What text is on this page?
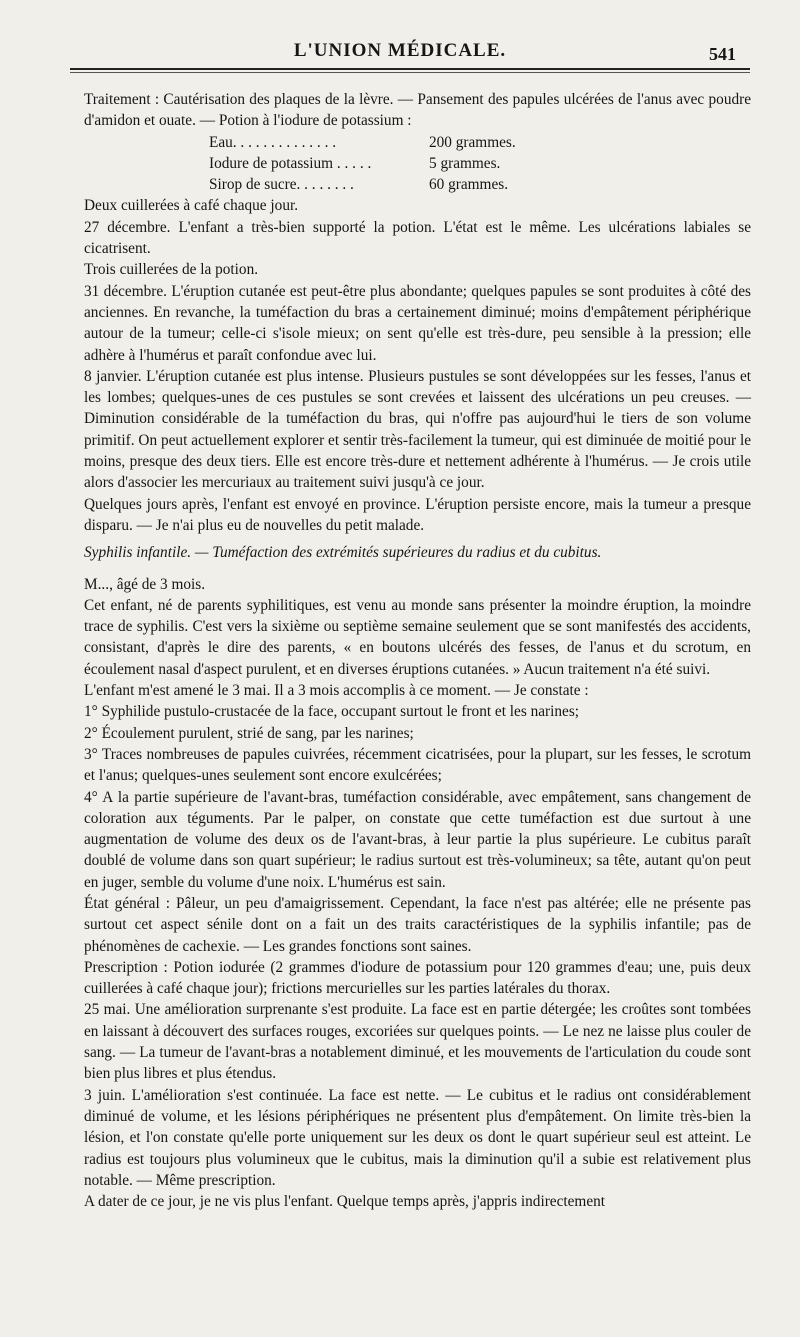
L'UNION MÉDICALE.	541

Traitement : Cautérisation des plaques de la lèvre. — Pansement des papules ulcérées de l'anus avec poudre d'amidon et ouate. — Potion à l'iodure de potassium :

Eau. . . . . . . . . . . . . .	200 grammes.
Iodure de potassium . . . . .	5 grammes.
Sirop de sucre. . . . . . . .	60 grammes.

Deux cuillerées à café chaque jour.

27 décembre. L'enfant a très-bien supporté la potion. L'état est le même. Les ulcérations labiales se cicatrisent.

Trois cuillerées de la potion.

31 décembre. L'éruption cutanée est peut-être plus abondante; quelques papules se sont produites à côté des anciennes. En revanche, la tuméfaction du bras a certainement diminué; moins d'empâtement périphérique autour de la tumeur; celle-ci s'isole mieux; on sent qu'elle est très-dure, peu sensible à la pression; elle adhère à l'humérus et paraît confondue avec lui.

8 janvier. L'éruption cutanée est plus intense. Plusieurs pustules se sont développées sur les fesses, l'anus et les lombes; quelques-unes de ces pustules se sont crevées et laissent des ulcérations un peu creuses. — Diminution considérable de la tuméfaction du bras, qui n'offre pas aujourd'hui le tiers de son volume primitif. On peut actuellement explorer et sentir très-facilement la tumeur, qui est diminuée de moitié pour le moins, presque des deux tiers. Elle est encore très-dure et nettement adhérente à l'humérus. — Je crois utile alors d'associer les mercuriaux au traitement suivi jusqu'à ce jour.

Quelques jours après, l'enfant est envoyé en province. L'éruption persiste encore, mais la tumeur a presque disparu. — Je n'ai plus eu de nouvelles du petit malade.

Syphilis infantile. — Tuméfaction des extrémités supérieures du radius et du cubitus.

M..., âgé de 3 mois.

Cet enfant, né de parents syphilitiques, est venu au monde sans présenter la moindre éruption, la moindre trace de syphilis. C'est vers la sixième ou septième semaine seulement que se sont manifestés des accidents, consistant, d'après le dire des parents, « en boutons ulcérés des fesses, de l'anus et du scrotum, en écoulement nasal d'aspect purulent, et en diverses éruptions cutanées. » Aucun traitement n'a été suivi.

L'enfant m'est amené le 3 mai. Il a 3 mois accomplis à ce moment. — Je constate :

1° Syphilide pustulo-crustacée de la face, occupant surtout le front et les narines;

2° Écoulement purulent, strié de sang, par les narines;

3° Traces nombreuses de papules cuivrées, récemment cicatrisées, pour la plupart, sur les fesses, le scrotum et l'anus; quelques-unes seulement sont encore exulcérées;

4° A la partie supérieure de l'avant-bras, tuméfaction considérable, avec empâtement, sans changement de coloration aux téguments. Par le palper, on constate que cette tuméfaction est due surtout à une augmentation de volume des deux os de l'avant-bras, à leur partie la plus supérieure. Le cubitus paraît doublé de volume dans son quart supérieur; le radius surtout est très-volumineux; sa tête, autant qu'on peut en juger, semble du volume d'une noix. L'humérus est sain.

État général : Pâleur, un peu d'amaigrissement. Cependant, la face n'est pas altérée; elle ne présente pas surtout cet aspect sénile dont on a fait un des traits caractéristiques de la syphilis infantile; pas de phénomènes de cachexie. — Les grandes fonctions sont saines.

Prescription : Potion iodurée (2 grammes d'iodure de potassium pour 120 grammes d'eau; une, puis deux cuillerées à café chaque jour); frictions mercurielles sur les parties latérales du thorax.

25 mai. Une amélioration surprenante s'est produite. La face est en partie détergée; les croûtes sont tombées en laissant à découvert des surfaces rouges, excoriées sur quelques points. — Le nez ne laisse plus couler de sang. — La tumeur de l'avant-bras a notablement diminué, et les mouvements de l'articulation du coude sont bien plus libres et plus étendus.

3 juin. L'amélioration s'est continuée. La face est nette. — Le cubitus et le radius ont considérablement diminué de volume, et les lésions périphériques ne présentent plus d'empâtement. On limite très-bien la lésion, et l'on constate qu'elle porte uniquement sur les deux os dont le quart supérieur seul est atteint. Le radius est toujours plus volumineux que le cubitus, mais la diminution qu'il a subie est relativement plus notable. — Même prescription.

A dater de ce jour, je ne vis plus l'enfant. Quelque temps après, j'appris indirectement
